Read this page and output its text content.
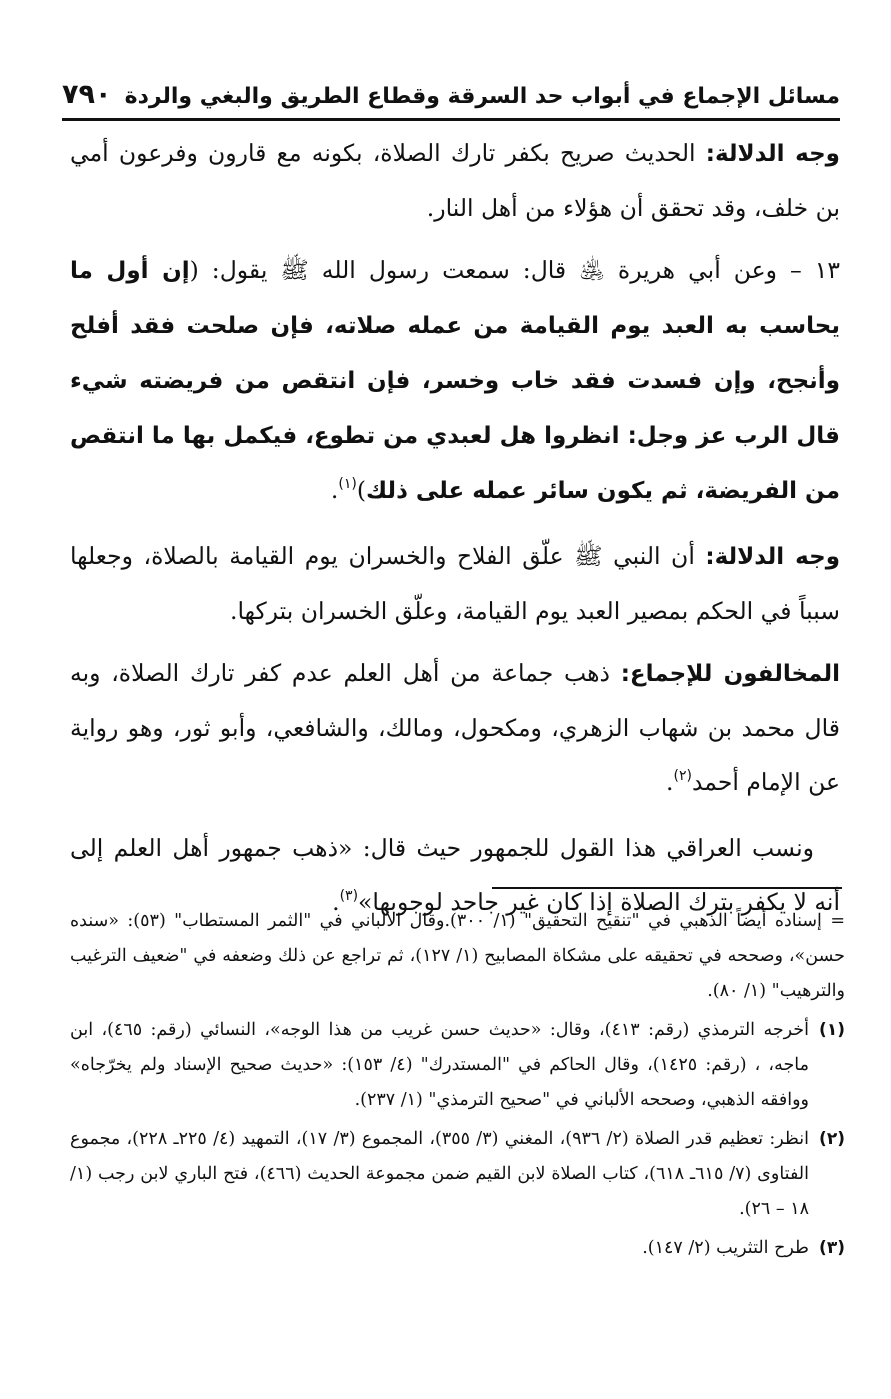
مسائل الإجماع في أبواب حد السرقة وقطاع الطريق والبغي والردة
٧٩٠

وجه الدلالة: الحديث صريح بكفر تارك الصلاة، بكونه مع قارون وفرعون أمي بن خلف، وقد تحقق أن هؤلاء من أهل النار.

١٣ – وعن أبي هريرة ﵁ قال: سمعت رسول الله ﷺ يقول: (إن أول ما يحاسب به العبد يوم القيامة من عمله صلاته، فإن صلحت فقد أفلح وأنجح، وإن فسدت فقد خاب وخسر، فإن انتقص من فريضته شيء قال الرب عز وجل: انظروا هل لعبدي من تطوع، فيكمل بها ما انتقص من الفريضة، ثم يكون سائر عمله على ذلك)$^{(١)}$.

وجه الدلالة: أن النبي ﷺ علّق الفلاح والخسران يوم القيامة بالصلاة، وجعلها سبباً في الحكم بمصير العبد يوم القيامة، وعلّق الخسران بتركها.

المخالفون للإجماع: ذهب جماعة من أهل العلم عدم كفر تارك الصلاة، وبه قال محمد بن شهاب الزهري، ومكحول، ومالك، والشافعي، وأبو ثور، وهو رواية عن الإمام أحمد$^{(٢)}$.

ونسب العراقي هذا القول للجمهور حيث قال: «ذهب جمهور أهل العلم إلى أنه لا يكفر بترك الصلاة إذا كان غير جاحد لوجوبها»$^{(٣)}$.

= إسناده أيضاً الذهبي في "تنقيح التحقيق" (١/ ٣٠٠).وقال الألباني في "الثمر المستطاب" (٥٣): «سنده حسن»، وصححه في تحقيقه على مشكاة المصابيح (١/ ١٢٧)، ثم تراجع عن ذلك وضعفه في "ضعيف الترغيب والترهيب" (١/ ٨٠).
(١)
أخرجه الترمذي (رقم: ٤١٣)، وقال: «حديث حسن غريب من هذا الوجه»، النسائي (رقم: ٤٦٥)، ابن ماجه، ، (رقم: ١٤٢٥)، وقال الحاكم في "المستدرك" (٤/ ١٥٣): «حديث صحيح الإسناد ولم يخرّجاه» ووافقه الذهبي، وصححه الألباني في "صحيح الترمذي" (١/ ٢٣٧).
(٢)
انظر: تعظيم قدر الصلاة (٢/ ٩٣٦)، المغني (٣/ ٣٥٥)، المجموع (٣/ ١٧)، التمهيد (٤/ ٢٢٥ـ ٢٢٨)، مجموع الفتاوى (٧/ ٦١٥ـ ٦١٨)، كتاب الصلاة لابن القيم ضمن مجموعة الحديث (٤٦٦)، فتح الباري لابن رجب (١/ ١٨ – ٢٦).
(٣)
طرح التثريب (٢/ ١٤٧).
